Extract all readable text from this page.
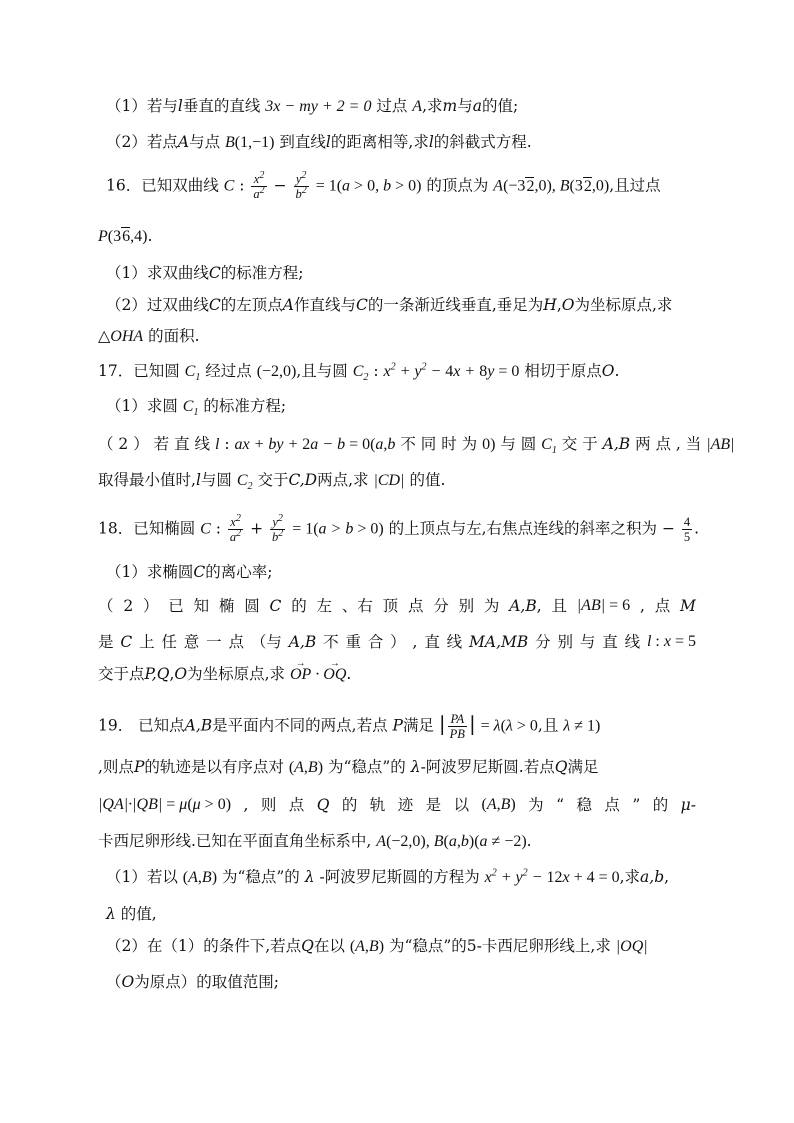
（1）若与l垂直的直线 3x − my + 2 = 0 过点 A,求m与a的值;
（2）若点A与点 B(1,−1) 到直线l的距离相等,求l的斜截式方程.
16．已知双曲线 C : $\frac{x^2}{a^2} - \frac{y^2}{b^2} = 1(a > 0$, b > 0) 的顶点为 A(−32,0), B(32,0),且过点
P(36,4).
（1）求双曲线C的标准方程;
（2）过双曲线C的左顶点A作直线与C的一条渐近线垂直,垂足为H,O为坐标原点,求
△OHA 的面积.
17．已知圆 $C_1$ 经过点 (−2,0),且与圆 $C_2$ : $x^2 + y^2 - 4x + 8y = 0$ 相切于原点O.
（1）求圆 $C_1$ 的标准方程;
（ 2 ） 若 直 线 l : ax + by + 2a − b = 0(a,b 不 同 时 为 0) 与 圆 $C_1$ 交 于 A,B 两 点 , 当 |AB|
取得最小值时,l与圆 $C_2$ 交于C,D两点,求 |CD| 的值.
18．已知椭圆 C : $\frac{x^2}{a^2} + \frac{y^2}{b^2} = 1(a > b > 0)$ 的上顶点与左,右焦点连线的斜率之积为 − $\frac{4}{5}$ .
（1）求椭圆C的离心率;
（ 2 ） 已 知 椭 圆 C 的 左 、右 顶 点 分 别 为 A,B, 且 |AB| = 6 , 点 M
是 C 上 任 意 一 点 （与 A,B 不 重 合 ） , 直 线 MA,MB 分 别 与 直 线 l : x = 5
交于点P,Q,O为坐标原点,求 → OP · → OQ.
19． 已知点A,B是平面内不同的两点,若点 P满足 | $\frac{PA}{PB}$ | = λ(λ > 0,且 λ ≠ 1)
,则点P的轨迹是以有序点对 (A,B) 为“稳点”的 λ-阿波罗尼斯圆.若点Q满足
|QA|·|QB| = μ(μ > 0) , 则 点 Q 的 轨 迹 是 以 (A,B) 为 “ 稳 点 ” 的 μ-
卡西尼卵形线.已知在平面直角坐标系中, A(−2,0), B(a,b)(a ≠ −2).
（1）若以 (A,B) 为“稳点”的 λ -阿波罗尼斯圆的方程为 $x^2 + y^2 - 12x + 4 = 0$,求a,b,
λ 的值,
（2）在（1）的条件下,若点Q在以 (A,B) 为“稳点”的5-卡西尼卵形线上,求 |OQ|
（O为原点）的取值范围;
